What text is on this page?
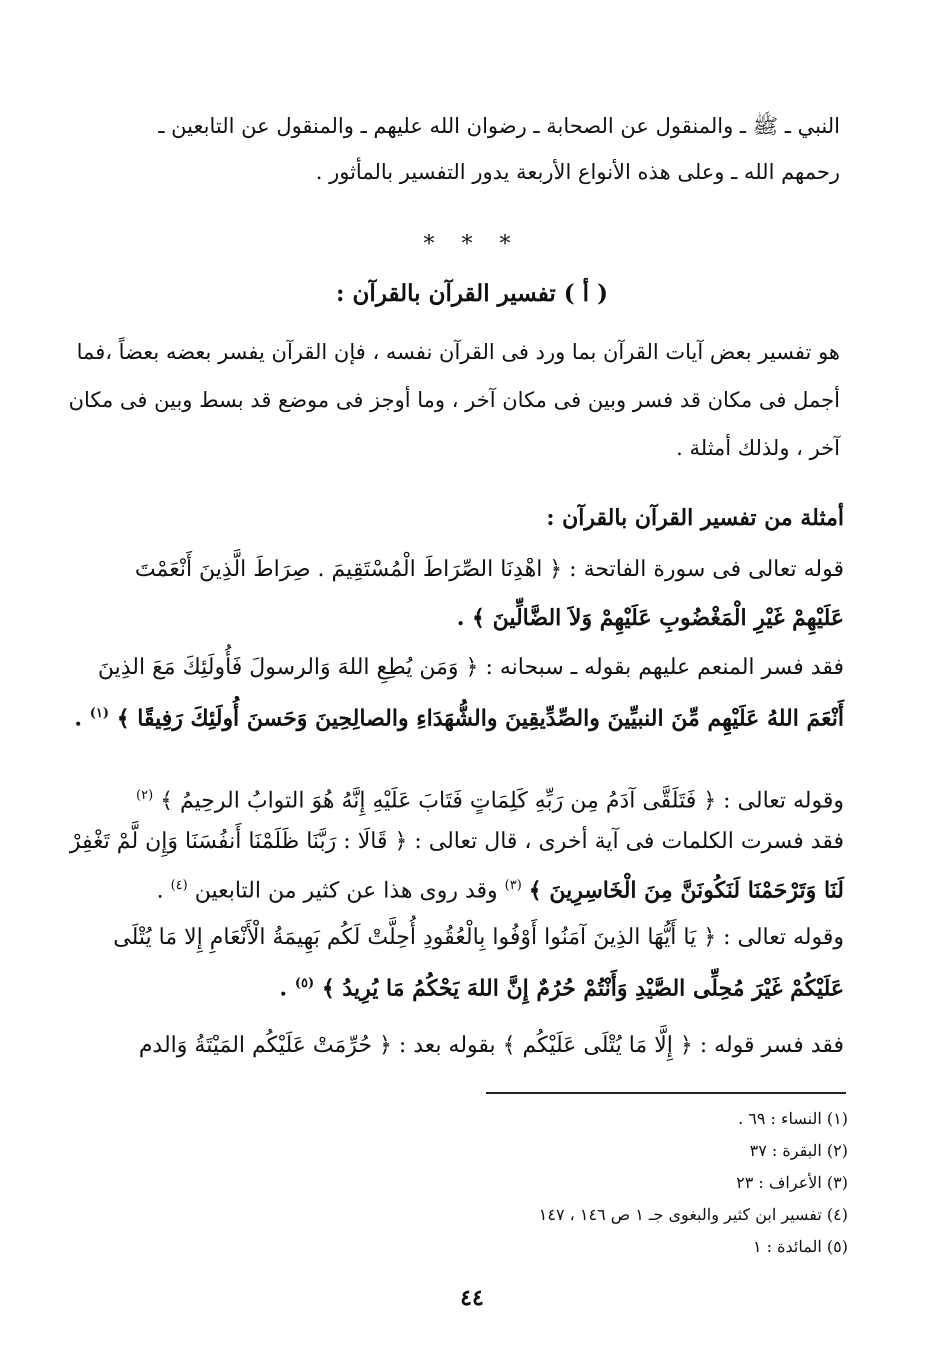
النبي ـ ﷺ ـ والمنقول عن الصحابة ـ رضوان الله عليهم ـ والمنقول عن التابعين ـ
رحمهم الله ـ وعلى هذه الأنواع الأربعة يدور التفسير بالمأثور .
* * *
( أ ) تفسير القرآن بالقرآن :
هو تفسير بعض آيات القرآن بما ورد فى القرآن نفسه ، فإن القرآن يفسر بعضه بعضاً ،فما
أجمل فى مكان قد فسر وبين فى مكان آخر ، وما أوجز فى موضع قد بسط وبين فى مكان
آخر ، ولذلك أمثلة .
أمثلة من تفسير القرآن بالقرآن :
قوله تعالى فى سورة الفاتحة : ﴿ اهْدِنَا الصِّرَاطَ الْمُسْتَقِيمَ . صِرَاطَ الَّذِينَ أَنْعَمْتَ
عَلَيْهِمْ غَيْرِ الْمَغْضُوبِ عَلَيْهِمْ وَلاَ الضَّالِّينَ ﴾ .
فقد فسر المنعم عليهم بقوله ـ سبحانه : ﴿ وَمَن يُطِعِ اللهَ وَالرسولَ فَأُولَئِكَ مَعَ الذِينَ
أَنْعَمَ اللهُ عَلَيْهِم مِّنَ النبيِّينَ والصِّدِّيقِينَ والشُّهَدَاءِ والصالِحِينَ وَحَسنَ أُولَئِكَ رَفِيقًا ﴾ $^{(١)}$ .
وقوله تعالى : ﴿ فَتَلَقَّى آدَمُ مِن رَبِّهِ كَلِمَاتٍ فَتَابَ عَلَيْهِ إِنَّهُ هُوَ التوابُ الرحِيمُ ﴾ $^{(٢)}$
فقد فسرت الكلمات فى آية أخرى ، قال تعالى : ﴿ قَالَا : رَبَّنَا ظَلَمْنَا أَنفُسَنَا وَإِن لَّمْ تَغْفِرْ
لَنَا وَتَرْحَمْنَا لَنَكُونَنَّ مِنَ الْخَاسِرِينَ ﴾ $^{(٣)}$ وقد روى هذا عن كثير من التابعين $^{(٤)}$ .
وقوله تعالى : ﴿ يَا أَيُّهَا الذِينَ آمَنُوا أَوْفُوا بِالْعُقُودِ أُحِلَّتْ لَكُم بَهِيمَةُ الْأَنْعَامِ إِلا مَا يُتْلَى
عَلَيْكُمْ غَيْرَ مُحِلِّى الصَّيْدِ وَأَنْتُمْ حُرُمٌ إِنَّ اللهَ يَحْكُمُ مَا يُرِيدُ ﴾ $^{(٥)}$ .
فقد فسر قوله : ﴿ إِلَّا مَا يُتْلَى عَلَيْكُم ﴾ بقوله بعد : ﴿ حُرِّمَتْ عَلَيْكُم المَيْتَةُ وَالدم
(١) النساء : ٦٩ .
(٢) البقرة : ٣٧
(٣) الأعراف : ٢٣
(٤) تفسير ابن كثير والبغوى جـ ١ ص ١٤٦ ، ١٤٧
(٥) المائدة : ١
٤٤
